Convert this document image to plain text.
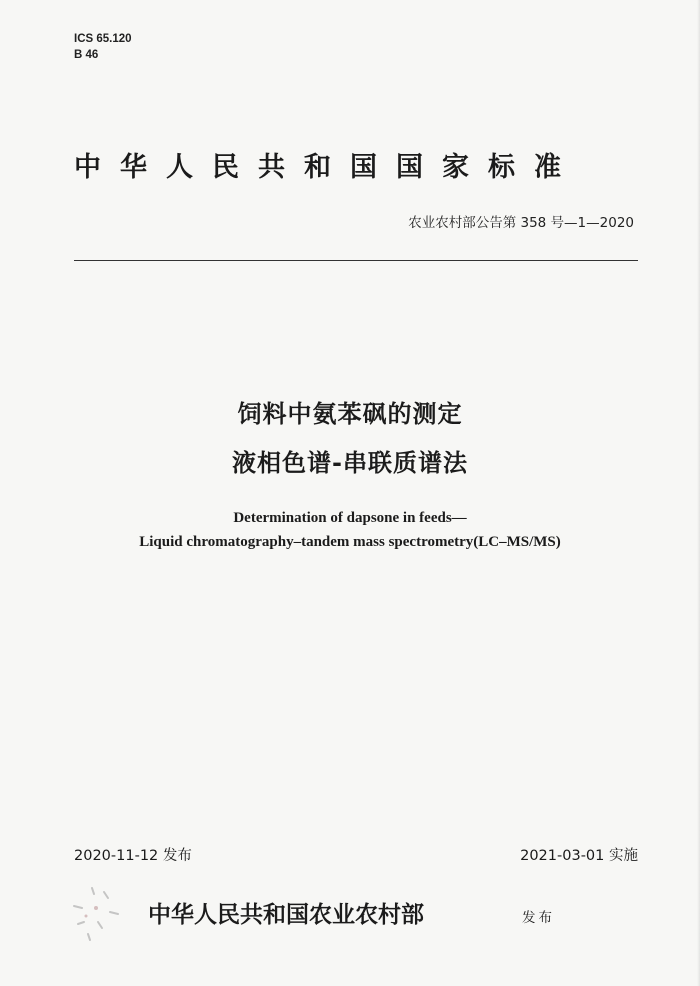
ICS 65.120
B 46
中华人民共和国国家标准
农业农村部公告第 358 号—1—2020
饲料中氨苯砜的测定
液相色谱-串联质谱法
Determination of dapsone in feeds—
Liquid chromatography–tandem mass spectrometry(LC–MS/MS)
2020-11-12 发布	2021-03-01 实施
中华人民共和国农业农村部	发布
